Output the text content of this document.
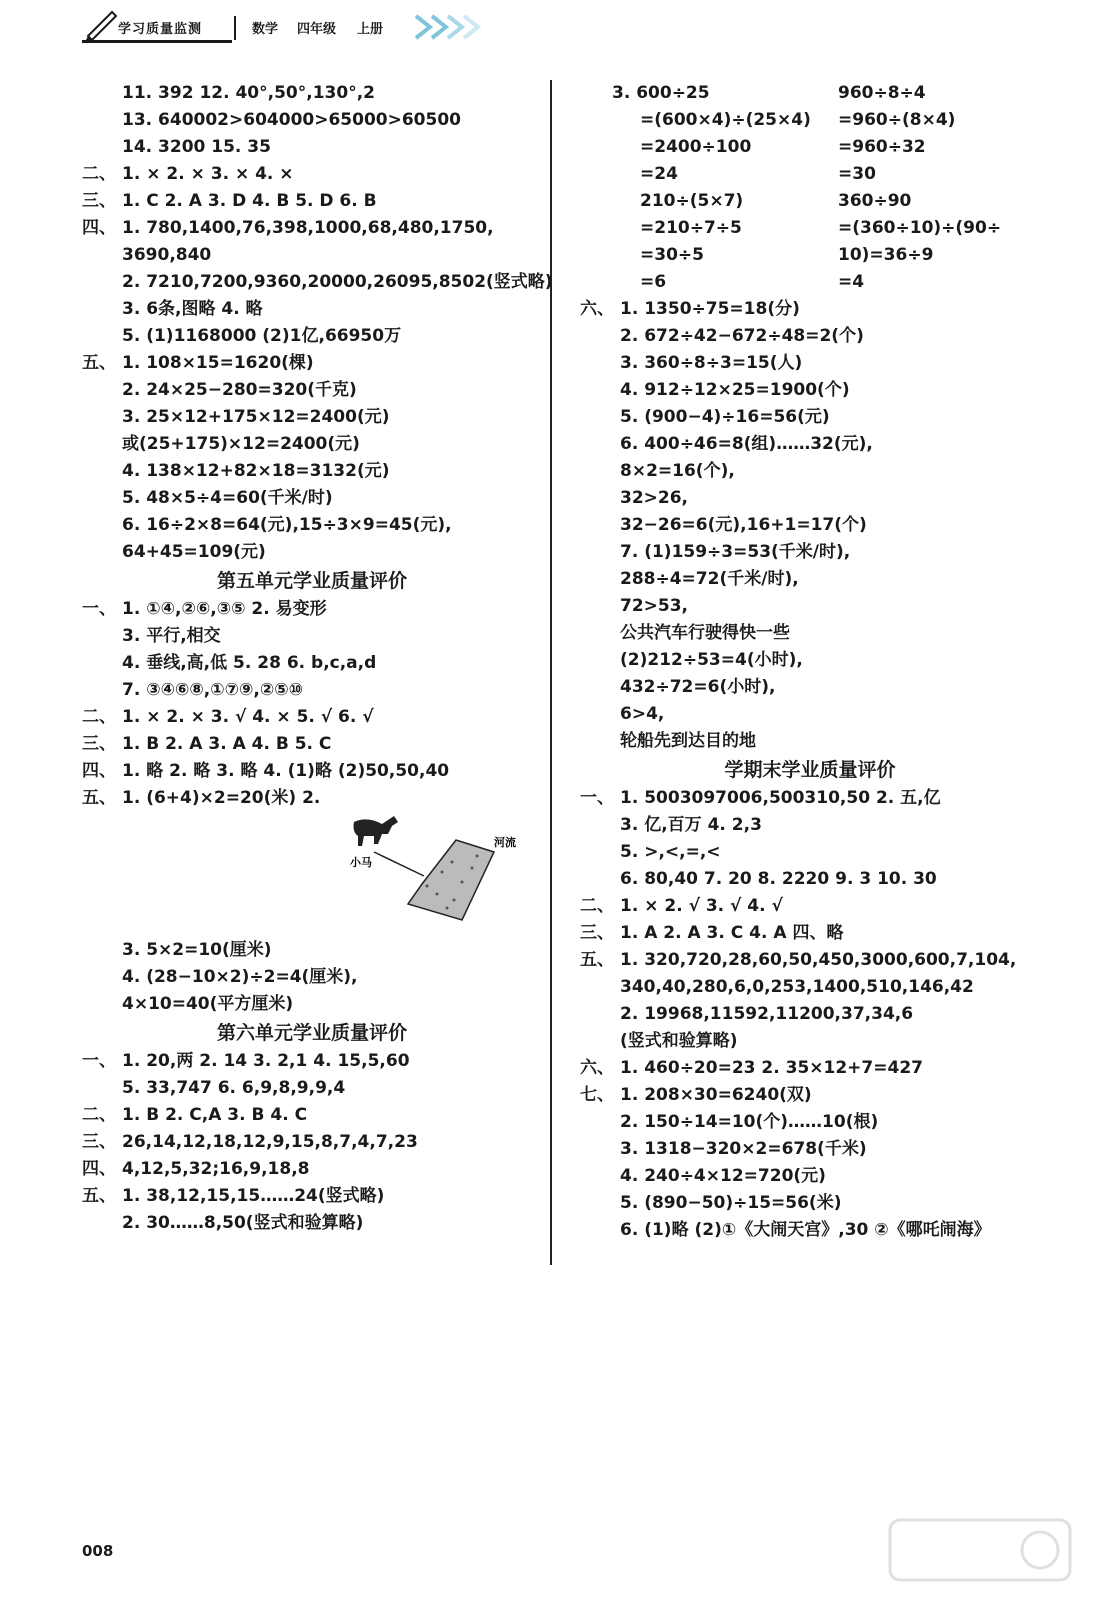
学习质量监测	数学 四年级 上册
11. 392 12. 40°,50°,130°,2
13. 640002>604000>65000>60500
14. 3200 15. 35
二、 1. × 2. × 3. × 4. ×
三、 1. C 2. A 3. D 4. B 5. D 6. B
四、 1. 780,1400,76,398,1000,68,480,1750,
3690,840
2. 7210,7200,9360,20000,26095,8502(竖式略)
3. 6条,图略 4. 略
5. (1)1168000 (2)1亿,66950万
五、 1. 108×15=1620(棵)
2. 24×25−280=320(千克)
3. 25×12+175×12=2400(元)
或(25+175)×12=2400(元)
4. 138×12+82×18=3132(元)
5. 48×5÷4=60(千米/时)
6. 16÷2×8=64(元),15÷3×9=45(元),
64+45=109(元)
第五单元学业质量评价
一、 1. ①④,②⑥,③⑤ 2. 易变形
3. 平行,相交
4. 垂线,高,低 5. 28 6. b,c,a,d
7. ③④⑥⑧,①⑦⑨,②⑤⑩
二、 1. × 2. × 3. √ 4. × 5. √ 6. √
三、 1. B 2. A 3. A 4. B 5. C
四、 1. 略 2. 略 3. 略 4. (1)略 (2)50,50,40
五、 1. (6+4)×2=20(米) 2.
小马
河流
3. 5×2=10(厘米)
4. (28−10×2)÷2=4(厘米),
4×10=40(平方厘米)
第六单元学业质量评价
一、 1. 20,两 2. 14 3. 2,1 4. 15,5,60
5. 33,747 6. 6,9,8,9,9,4
二、 1. B 2. C,A 3. B 4. C
三、 26,14,12,18,12,9,15,8,7,4,7,23
四、 4,12,5,32;16,9,18,8
五、 1. 38,12,15,15……24(竖式略)
2. 30……8,50(竖式和验算略)
3. 600÷25	960÷8÷4
=(600×4)÷(25×4) =960÷(8×4)
=2400÷100	=960÷32
=24	=30
210÷(5×7)	360÷90
=210÷7÷5	=(360÷10)÷(90÷
=30÷5	10)=36÷9
=6	=4
六、 1. 1350÷75=18(分)
2. 672÷42−672÷48=2(个)
3. 360÷8÷3=15(人)
4. 912÷12×25=1900(个)
5. (900−4)÷16=56(元)
6. 400÷46=8(组)……32(元),
8×2=16(个),
32>26,
32−26=6(元),16+1=17(个)
7. (1)159÷3=53(千米/时),
288÷4=72(千米/时),
72>53,
公共汽车行驶得快一些
(2)212÷53=4(小时),
432÷72=6(小时),
6>4,
轮船先到达目的地
学期末学业质量评价
一、 1. 5003097006,500310,50 2. 五,亿
3. 亿,百万 4. 2,3
5. >,<,=,<
6. 80,40 7. 20 8. 2220 9. 3 10. 30
二、 1. × 2. √ 3. √ 4. √
三、 1. A 2. A 3. C 4. A 四、略
五、 1. 320,720,28,60,50,450,3000,600,7,104,
340,40,280,6,0,253,1400,510,146,42
2. 19968,11592,11200,37,34,6
(竖式和验算略)
六、 1. 460÷20=23 2. 35×12+7=427
七、 1. 208×30=6240(双)
2. 150÷14=10(个)……10(根)
3. 1318−320×2=678(千米)
4. 240÷4×12=720(元)
5. (890−50)÷15=56(米)
6. (1)略 (2)①《大闹天宫》,30 ②《哪吒闹海》
008
